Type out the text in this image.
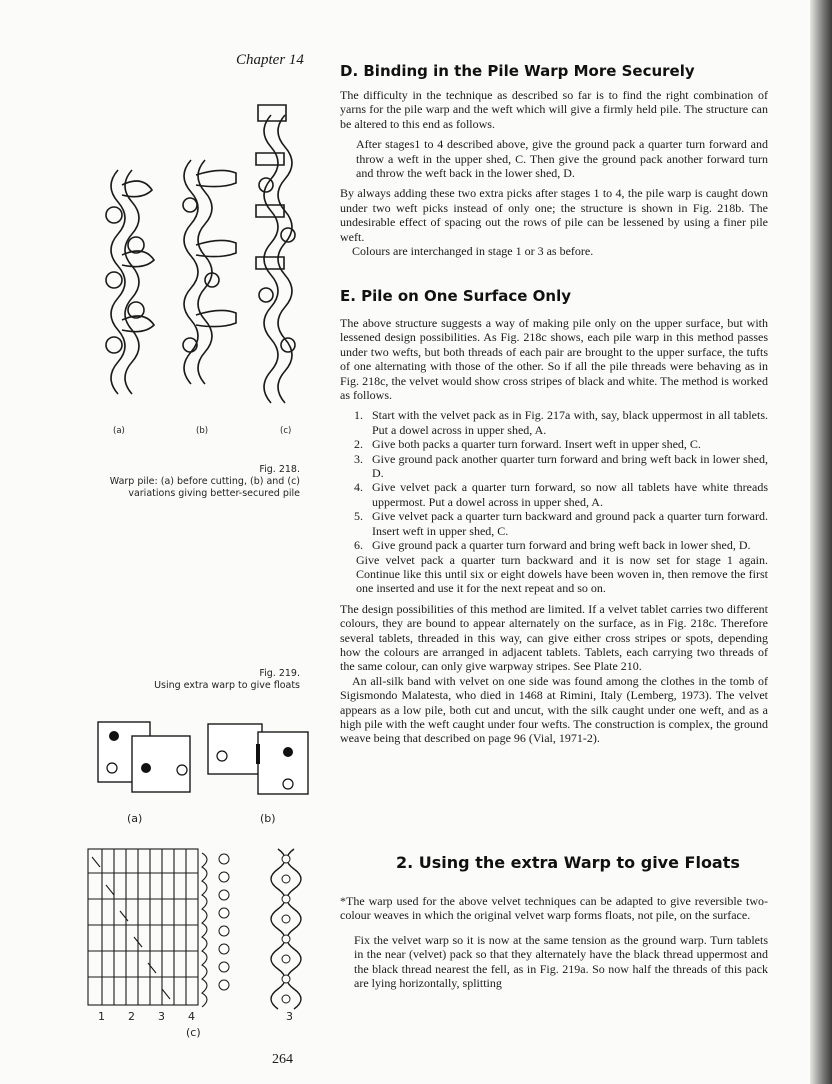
Chapter 14
(a)	(b)	(c)
Fig. 218.
Warp pile: (a) before cutting, (b) and (c)
variations giving better-secured pile
Fig. 219.
Using extra warp to give floats
(a)	(b)
1 2 3 4	3
(c)
D. Binding in the Pile Warp More Securely

The difficulty in the technique as described so far is to find the right combination of yarns for the pile warp and the weft which will give a firmly held pile. The structure can be altered to this end as follows.

After stages1 to 4 described above, give the ground pack a quarter turn forward and throw a weft in the upper shed, C. Then give the ground pack another forward turn and throw the weft back in the lower shed, D.

By always adding these two extra picks after stages 1 to 4, the pile warp is caught down under two weft picks instead of only one; the structure is shown in Fig. 218b. The undesirable effect of spacing out the rows of pile can be lessened by using a finer pile weft.

Colours are interchanged in stage 1 or 3 as before.

E. Pile on One Surface Only

The above structure suggests a way of making pile only on the upper surface, but with lessened design possibilities. As Fig. 218c shows, each pile warp in this method passes under two wefts, but both threads of each pair are brought to the upper surface, the tufts of one alternating with those of the other. So if all the pile threads were behaving as in Fig. 218c, the velvet would show cross stripes of black and white. The method is worked as follows.

1. Start with the velvet pack as in Fig. 217a with, say, black uppermost in all tablets. Put a dowel across in upper shed, A.
2. Give both packs a quarter turn forward. Insert weft in upper shed, C.
3. Give ground pack another quarter turn forward and bring weft back in lower shed, D.
4. Give velvet pack a quarter turn forward, so now all tablets have white threads uppermost. Put a dowel across in upper shed, A.
5. Give velvet pack a quarter turn backward and ground pack a quarter turn forward. Insert weft in upper shed, C.
6. Give ground pack a quarter turn forward and bring weft back in lower shed, D.

Give velvet pack a quarter turn backward and it is now set for stage 1 again. Continue like this until six or eight dowels have been woven in, then remove the first one inserted and use it for the next repeat and so on.

The design possibilities of this method are limited. If a velvet tablet carries two different colours, they are bound to appear alternately on the surface, as in Fig. 218c. Therefore several tablets, threaded in this way, can give either cross stripes or spots, depending how the colours are arranged in adjacent tablets. Tablets, each carrying two threads of the same colour, can only give warpway stripes. See Plate 210.

An all-silk band with velvet on one side was found among the clothes in the tomb of Sigismondo Malatesta, who died in 1468 at Rimini, Italy (Lemberg, 1973). The velvet appears as a low pile, both cut and uncut, with the silk caught under one weft, and as a high pile with the weft caught under four wefts. The construction is complex, the ground weave being that described on page 96 (Vial, 1971-2).

2. Using the extra Warp to give Floats

*The warp used for the above velvet techniques can be adapted to give reversible two-colour weaves in which the original velvet warp forms floats, not pile, on the surface.

Fix the velvet warp so it is now at the same tension as the ground warp. Turn tablets in the near (velvet) pack so that they alternately have the black thread uppermost and the black thread nearest the fell, as in Fig. 219a. So now half the threads of this pack are lying horizontally, splitting

264
